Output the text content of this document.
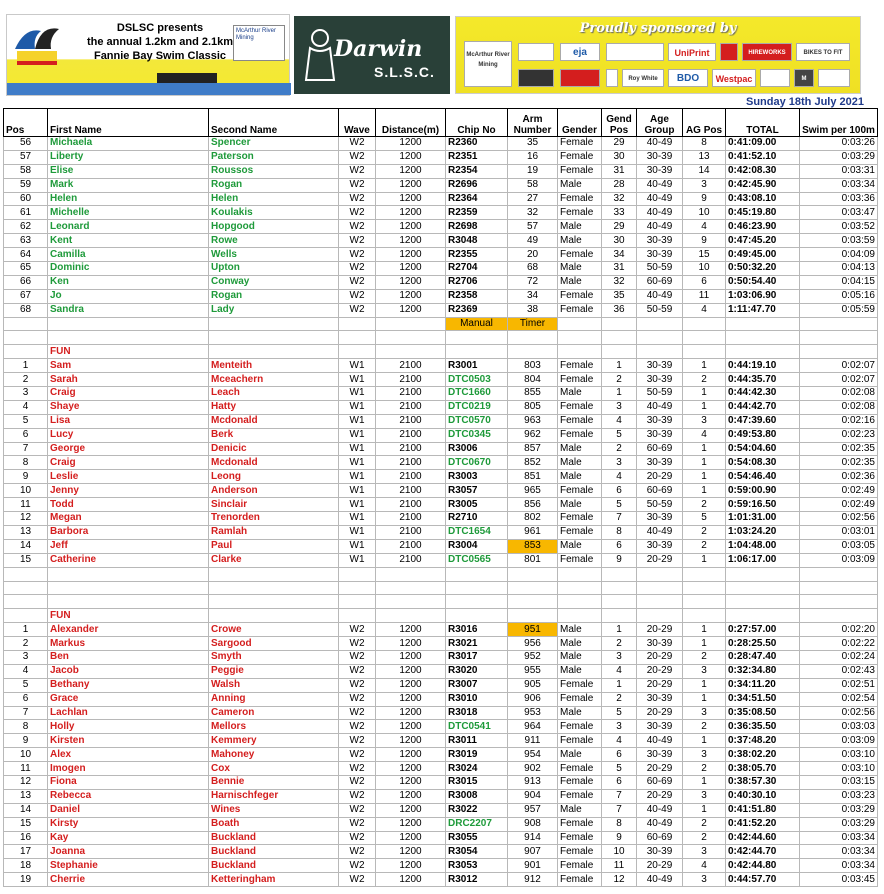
DSLSC presents
the annual 1.2km and 2.1km
Fannie Bay Swim Classic
McArthur River Mining	Darwin
S.L.S.C.
Proudly sponsored by
McArthur River Mining
eja	UniPrint	HIREWORKS	BIKES TO FIT
Roy White	BDO	Westpac	M
Sunday 18th July 2021
Pos	First Name	Second Name	Wave	Distance(m)	Chip No	Arm Number	Gender	Gend Pos	Age Group	AG Pos	TOTAL	Swim per 100m
56	Michaela	Spencer	W2	1200	R2360	35	Female	29	40-49	8	0:41:09.00	0:03:26
57	Liberty	Paterson	W2	1200	R2351	16	Female	30	30-39	13	0:41:52.10	0:03:29
58	Elise	Roussos	W2	1200	R2354	19	Female	31	30-39	14	0:42:08.30	0:03:31
59	Mark	Rogan	W2	1200	R2696	58	Male	28	40-49	3	0:42:45.90	0:03:34
60	Helen	Helen	W2	1200	R2364	27	Female	32	40-49	9	0:43:08.10	0:03:36
61	Michelle	Koulakis	W2	1200	R2359	32	Female	33	40-49	10	0:45:19.80	0:03:47
62	Leonard	Hopgood	W2	1200	R2698	57	Male	29	40-49	4	0:46:23.90	0:03:52
63	Kent	Rowe	W2	1200	R3048	49	Male	30	30-39	9	0:47:45.20	0:03:59
64	Camilla	Wells	W2	1200	R2355	20	Female	34	30-39	15	0:49:45.00	0:04:09
65	Dominic	Upton	W2	1200	R2704	68	Male	31	50-59	10	0:50:32.20	0:04:13
66	Ken	Conway	W2	1200	R2706	72	Male	32	60-69	6	0:50:54.40	0:04:15
67	Jo	Rogan	W2	1200	R2358	34	Female	35	40-49	11	1:03:06.90	0:05:16
68	Sandra	Lady	W2	1200	R2369	38	Female	36	50-59	4	1:11:47.70	0:05:59
					Manual	Timer						

	FUN											
1	Sam	Menteith	W1	2100	R3001	803	Female	1	30-39	1	0:44:19.10	0:02:07
2	Sarah	Mceachern	W1	2100	DTC0503	804	Female	2	30-39	2	0:44:35.70	0:02:07
3	Craig	Leach	W1	2100	DTC1660	855	Male	1	50-59	1	0:44:42.30	0:02:08
4	Shaye	Hatty	W1	2100	DTC0219	805	Female	3	40-49	1	0:44:42.70	0:02:08
5	Lisa	Mcdonald	W1	2100	DTC0570	963	Female	4	30-39	3	0:47:39.60	0:02:16
6	Lucy	Berk	W1	2100	DTC0345	962	Female	5	30-39	4	0:49:53.80	0:02:23
7	George	Denicic	W1	2100	R3006	857	Male	2	60-69	1	0:54:04.60	0:02:35
8	Craig	Mcdonald	W1	2100	DTC0670	852	Male	3	30-39	1	0:54:08.30	0:02:35
9	Leslie	Leong	W1	2100	R3003	851	Male	4	20-29	1	0:54:46.40	0:02:36
10	Jenny	Anderson	W1	2100	R3057	965	Female	6	60-69	1	0:59:00.90	0:02:49
11	Todd	Sinclair	W1	2100	R3005	856	Male	5	50-59	2	0:59:16.50	0:02:49
12	Megan	Trenorden	W1	2100	R2710	802	Female	7	30-39	5	1:01:31.00	0:02:56
13	Barbora	Ramlah	W1	2100	DTC1654	961	Female	8	40-49	2	1:03:24.20	0:03:01
14	Jeff	Paul	W1	2100	R3004	853	Male	6	30-39	2	1:04:48.00	0:03:05
15	Catherine	Clarke	W1	2100	DTC0565	801	Female	9	20-29	1	1:06:17.00	0:03:09

	FUN											
1	Alexander	Crowe	W2	1200	R3016	951	Male	1	20-29	1	0:27:57.00	0:02:20
2	Markus	Sargood	W2	1200	R3021	956	Male	2	30-39	1	0:28:25.50	0:02:22
3	Ben	Smyth	W2	1200	R3017	952	Male	3	20-29	2	0:28:47.40	0:02:24
4	Jacob	Peggie	W2	1200	R3020	955	Male	4	20-29	3	0:32:34.80	0:02:43
5	Bethany	Walsh	W2	1200	R3007	905	Female	1	20-29	1	0:34:11.20	0:02:51
6	Grace	Anning	W2	1200	R3010	906	Female	2	30-39	1	0:34:51.50	0:02:54
7	Lachlan	Cameron	W2	1200	R3018	953	Male	5	20-29	3	0:35:08.50	0:02:56
8	Holly	Mellors	W2	1200	DTC0541	964	Female	3	30-39	2	0:36:35.50	0:03:03
9	Kirsten	Kemmery	W2	1200	R3011	911	Female	4	40-49	1	0:37:48.20	0:03:09
10	Alex	Mahoney	W2	1200	R3019	954	Male	6	30-39	3	0:38:02.20	0:03:10
11	Imogen	Cox	W2	1200	R3024	902	Female	5	20-29	2	0:38:05.70	0:03:10
12	Fiona	Bennie	W2	1200	R3015	913	Female	6	60-69	1	0:38:57.30	0:03:15
13	Rebecca	Harnischfeger	W2	1200	R3008	904	Female	7	20-29	3	0:40:30.10	0:03:23
14	Daniel	Wines	W2	1200	R3022	957	Male	7	40-49	1	0:41:51.80	0:03:29
15	Kirsty	Boath	W2	1200	DRC2207	908	Female	8	40-49	2	0:41:52.20	0:03:29
16	Kay	Buckland	W2	1200	R3055	914	Female	9	60-69	2	0:42:44.60	0:03:34
17	Joanna	Buckland	W2	1200	R3054	907	Female	10	30-39	3	0:42:44.70	0:03:34
18	Stephanie	Buckland	W2	1200	R3053	901	Female	11	20-29	4	0:42:44.80	0:03:34
19	Cherrie	Ketteringham	W2	1200	R3012	912	Female	12	40-49	3	0:44:57.70	0:03:45
